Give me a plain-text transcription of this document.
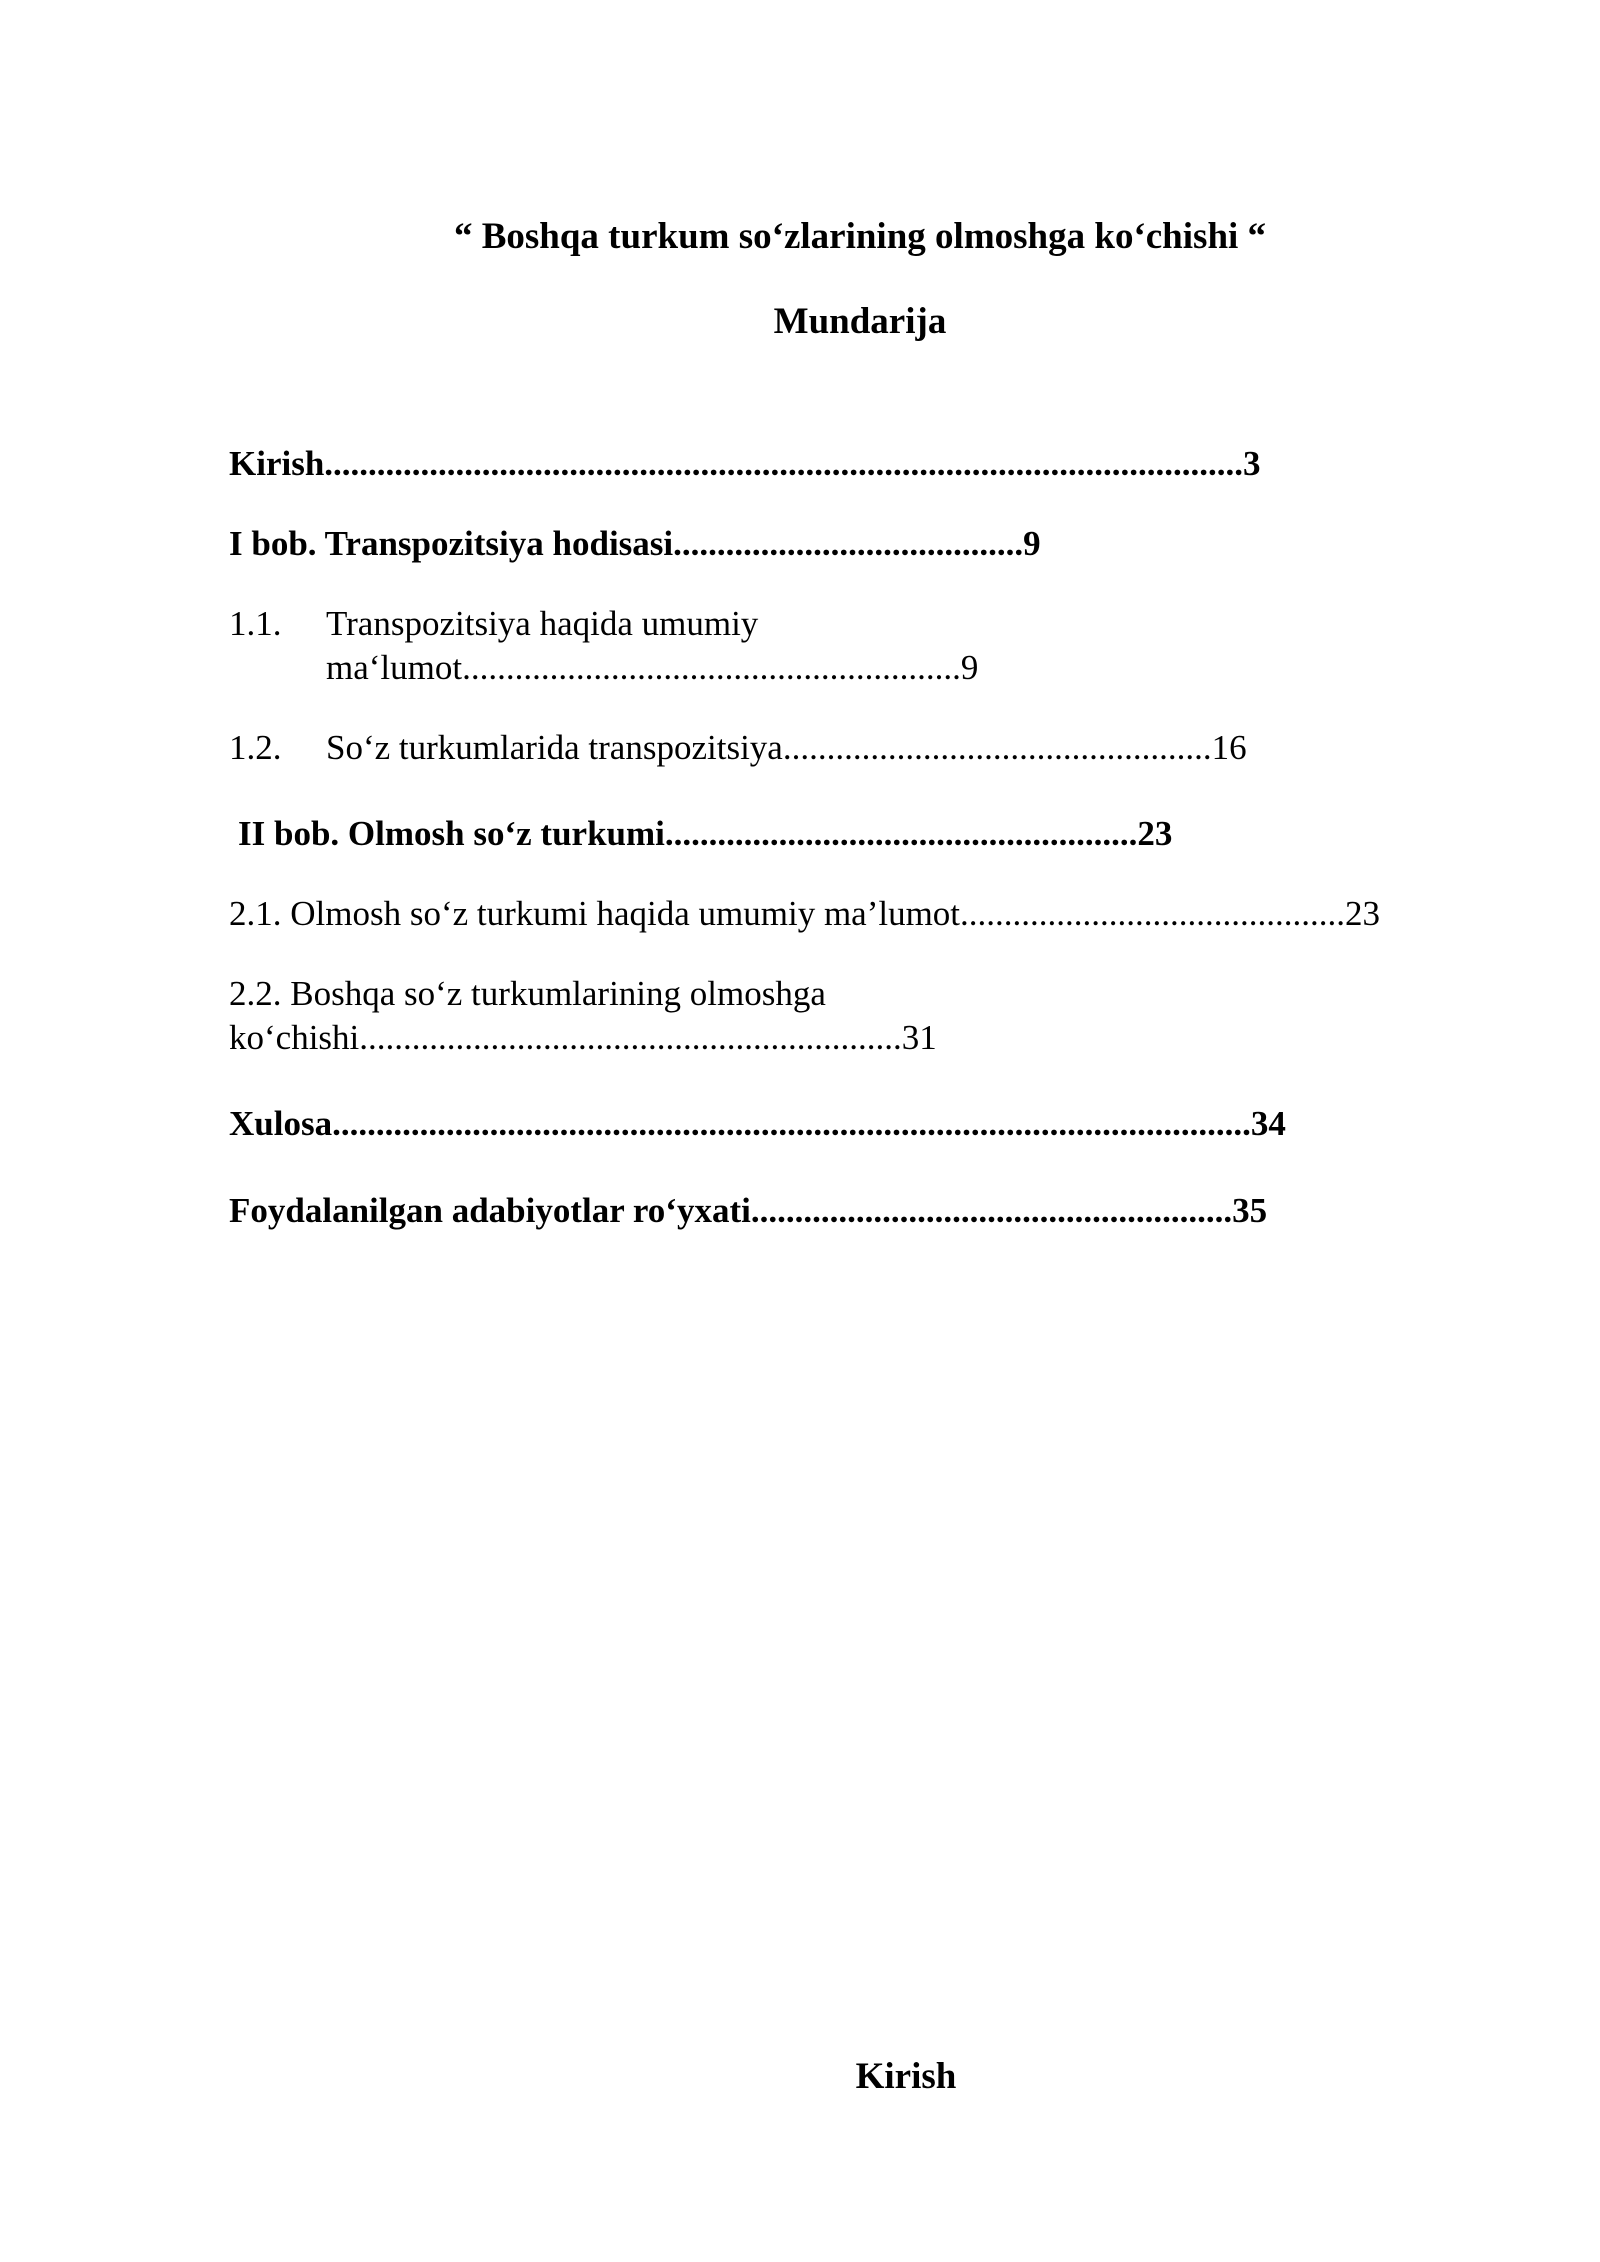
“ Boshqa turkum so‘zlarining olmoshga ko‘chishi “
Mundarija
Kirish.........................................................................................................3
I bob. Transpozitsiya hodisasi........................................9
1.1. Transpozitsiya haqida umumiy
ma‘lumot.........................................................9
1.2. So‘z turkumlarida transpozitsiya.................................................16
II bob. Olmosh so‘z turkumi......................................................23
2.1. Olmosh so‘z turkumi haqida umumiy ma’lumot............................................23
2.2. Boshqa so‘z turkumlarining olmoshga
ko‘chishi..............................................................31
Xulosa.........................................................................................................34
Foydalanilgan adabiyotlar ro‘yxati.......................................................35
Kirish
